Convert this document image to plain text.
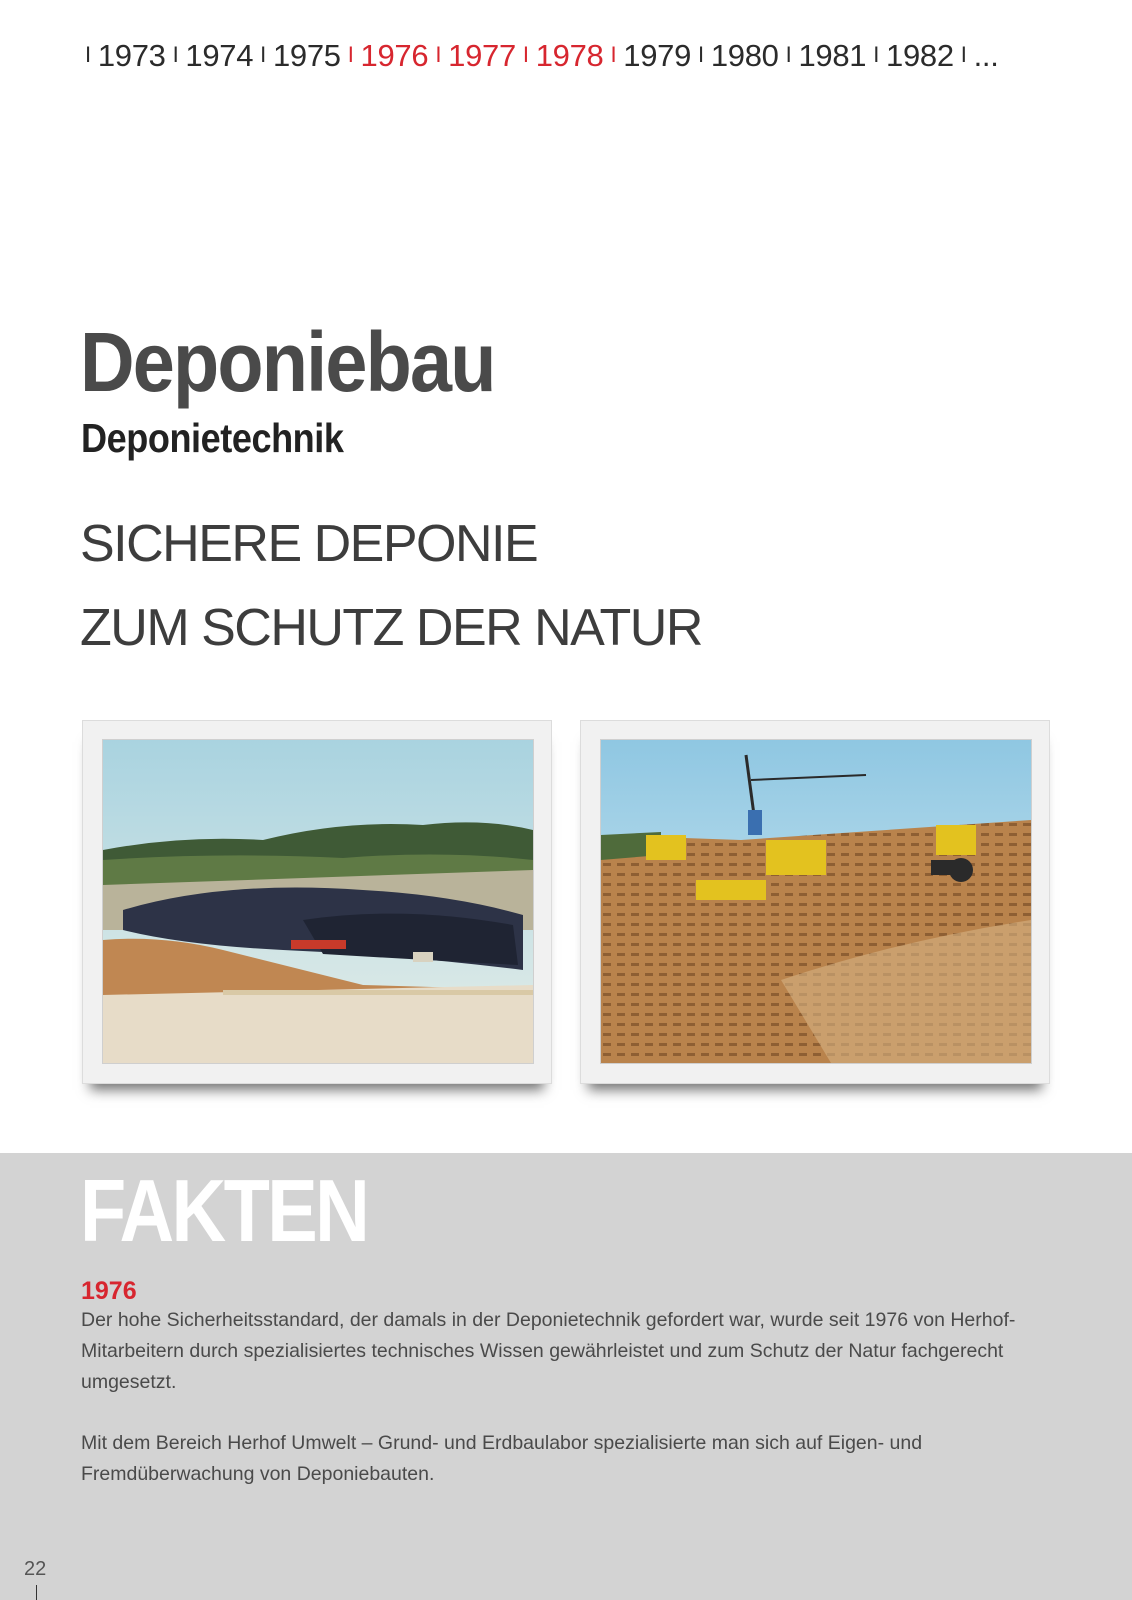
I 1973 I 1974 I 1975 I 1976 I 1977 I 1978 I 1979 I 1980 I 1981 I 1982 I ...
Deponiebau
Deponietechnik
SICHERE DEPONIE
ZUM SCHUTZ DER NATUR
FAKTEN
1976

Der hohe Sicherheitsstandard, der damals in der Deponietechnik gefordert war, wurde seit 1976 von Herhof-Mitarbeitern durch spezialisiertes technisches Wissen gewährleistet und zum Schutz der Natur fachgerecht umgesetzt.

Mit dem Bereich Herhof Umwelt – Grund- und Erdbaulabor spezialisierte man sich auf Eigen- und Fremdüberwachung von Deponiebauten.

22
